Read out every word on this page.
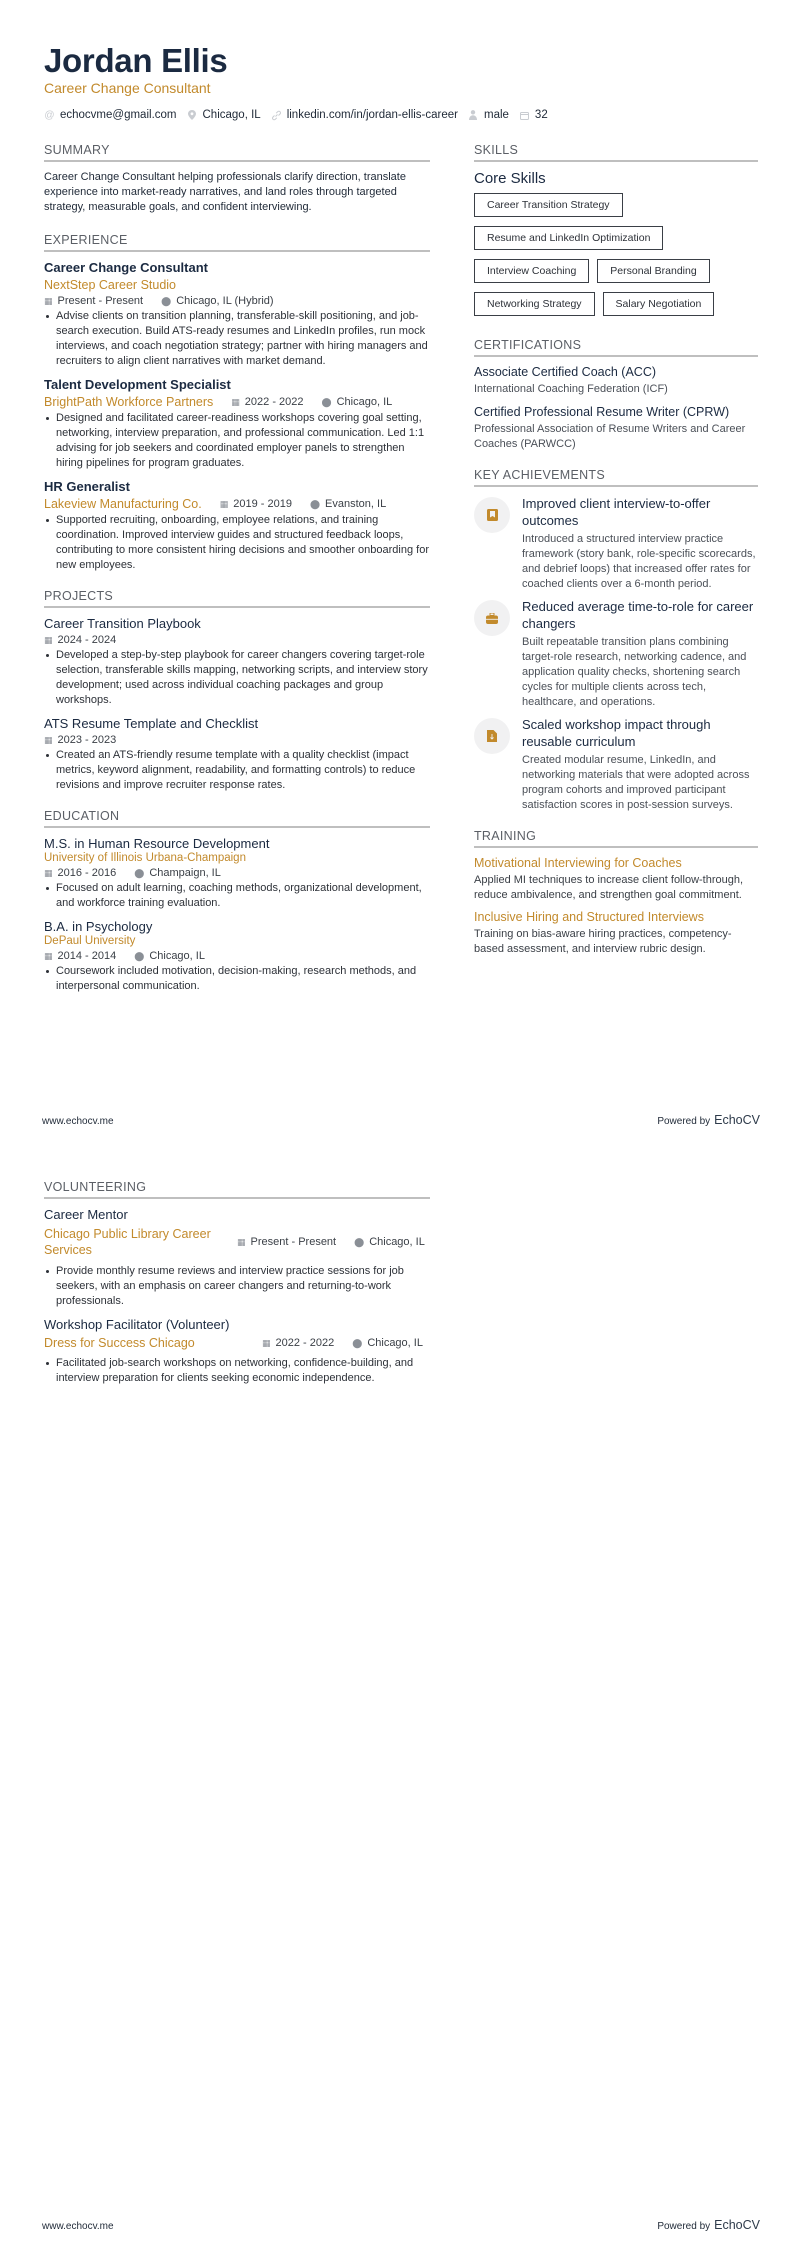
Jordan Ellis
Career Change Consultant
@ echocvme@gmail.com Chicago, IL linkedin.com/in/jordan-ellis-career male 32
SUMMARY
Career Change Consultant helping professionals clarify direction, translate experience into market-ready narratives, and land roles through targeted strategy, measurable goals, and confident interviewing.
EXPERIENCE
Career Change Consultant
NextStep Career Studio
▦ Present - Present ⬤ Chicago, IL (Hybrid)
Advise clients on transition planning, transferable-skill positioning, and job-search execution. Build ATS-ready resumes and LinkedIn profiles, run mock interviews, and coach negotiation strategy; partner with hiring managers and recruiters to align client narratives with market demand.
Talent Development Specialist
BrightPath Workforce Partners ▦ 2022 - 2022 ⬤ Chicago, IL
Designed and facilitated career-readiness workshops covering goal setting, networking, interview preparation, and professional communication. Led 1:1 advising for job seekers and coordinated employer panels to strengthen hiring pipelines for program graduates.
HR Generalist
Lakeview Manufacturing Co. ▦ 2019 - 2019 ⬤ Evanston, IL
Supported recruiting, onboarding, employee relations, and training coordination. Improved interview guides and structured feedback loops, contributing to more consistent hiring decisions and smoother onboarding for new employees.
PROJECTS
Career Transition Playbook
▦ 2024 - 2024
Developed a step-by-step playbook for career changers covering target-role selection, transferable skills mapping, networking scripts, and interview story development; used across individual coaching packages and group workshops.
ATS Resume Template and Checklist
▦ 2023 - 2023
Created an ATS-friendly resume template with a quality checklist (impact metrics, keyword alignment, readability, and formatting controls) to reduce revisions and improve recruiter response rates.
EDUCATION
M.S. in Human Resource Development
University of Illinois Urbana-Champaign
▦ 2016 - 2016 ⬤ Champaign, IL
Focused on adult learning, coaching methods, organizational development, and workforce training evaluation.
B.A. in Psychology
DePaul University
▦ 2014 - 2014 ⬤ Chicago, IL
Coursework included motivation, decision-making, research methods, and interpersonal communication.
SKILLS
Core Skills
Career Transition Strategy
Resume and LinkedIn Optimization
Interview Coaching	Personal Branding
Networking Strategy	Salary Negotiation
CERTIFICATIONS
Associate Certified Coach (ACC)
International Coaching Federation (ICF)
Certified Professional Resume Writer (CPRW)
Professional Association of Resume Writers and Career Coaches (PARWCC)
KEY ACHIEVEMENTS
Improved client interview-to-offer outcomes
Introduced a structured interview practice framework (story bank, role-specific scorecards, and debrief loops) that increased offer rates for coached clients over a 6-month period.
Reduced average time-to-role for career changers
Built repeatable transition plans combining target-role research, networking cadence, and application quality checks, shortening search cycles for multiple clients across tech, healthcare, and operations.
Scaled workshop impact through reusable curriculum
Created modular resume, LinkedIn, and networking materials that were adopted across program cohorts and improved participant satisfaction scores in post-session surveys.
TRAINING
Motivational Interviewing for Coaches
Applied MI techniques to increase client follow-through, reduce ambivalence, and strengthen goal commitment.
Inclusive Hiring and Structured Interviews
Training on bias-aware hiring practices, competency-based assessment, and interview rubric design.
www.echocv.me	Powered by EchoCV
VOLUNTEERING
Career Mentor
Chicago Public Library Career Services
▦ Present - Present ⬤ Chicago, IL
Provide monthly resume reviews and interview practice sessions for job seekers, with an emphasis on career changers and returning-to-work professionals.
Workshop Facilitator (Volunteer)
Dress for Success Chicago	▦ 2022 - 2022 ⬤ Chicago, IL
Facilitated job-search workshops on networking, confidence-building, and interview preparation for clients seeking economic independence.
www.echocv.me	Powered by EchoCV
